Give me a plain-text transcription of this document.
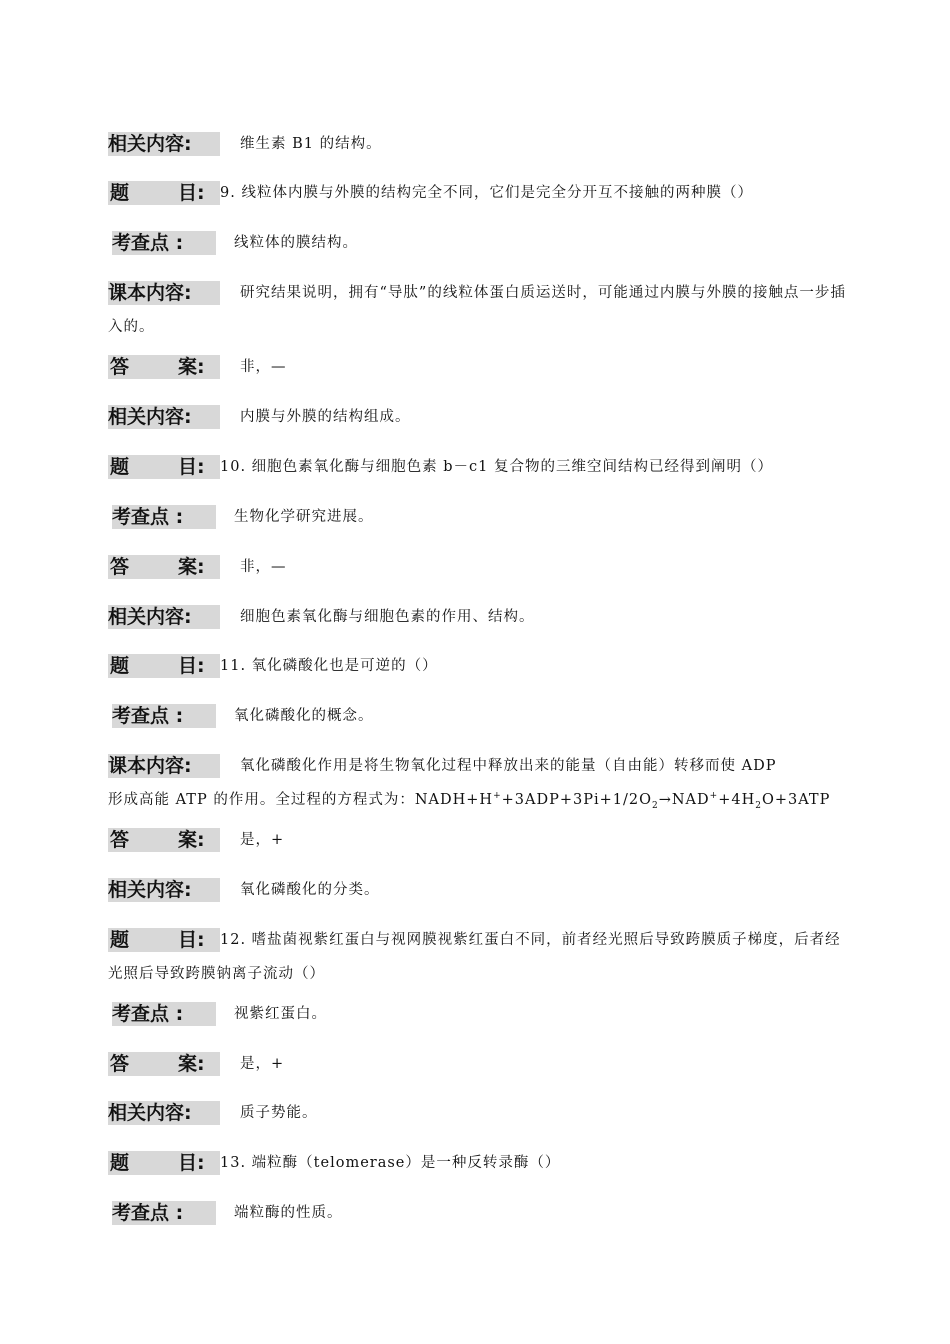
相关内容:	维生素 B1 的结构。
题	目: 9. 线粒体内膜与外膜的结构完全不同，它们是完全分开互不接触的两种膜（）
考查点 :	线粒体的膜结构。
课本内容:	研究结果说明，拥有“导肽”的线粒体蛋白质运送时，可能通过内膜与外膜的接触点一步插入的。
答	案: 非，—
相关内容:	内膜与外膜的结构组成。
题	目: 10. 细胞色素氧化酶与细胞色素 b－c1 复合物的三维空间结构已经得到阐明（）
考查点 :	生物化学研究进展。
答	案: 非，—
相关内容:	细胞色素氧化酶与细胞色素的作用、结构。
题	目: 11. 氧化磷酸化也是可逆的（）
考查点 :	氧化磷酸化的概念。
课本内容:	氧化磷酸化作用是将生物氧化过程中释放出来的能量（自由能）转移而使 ADP
形成高能 ATP 的作用。全过程的方程式为：$NADH+H^++3ADP+3Pi+1/2O_2\to NAD^++4H_2O+3ATP$
答	案: 是，+
相关内容:	氧化磷酸化的分类。
题	目:	12. 嗜盐菌视紫红蛋白与视网膜视紫红蛋白不同，前者经光照后导致跨膜质子梯度，后者经光照后导致跨膜钠离子流动（）
考查点 :	视紫红蛋白。
答	案: 是，+
相关内容:	质子势能。
题	目: 13. 端粒酶（telomerase）是一种反转录酶（）
考查点 :	端粒酶的性质。
